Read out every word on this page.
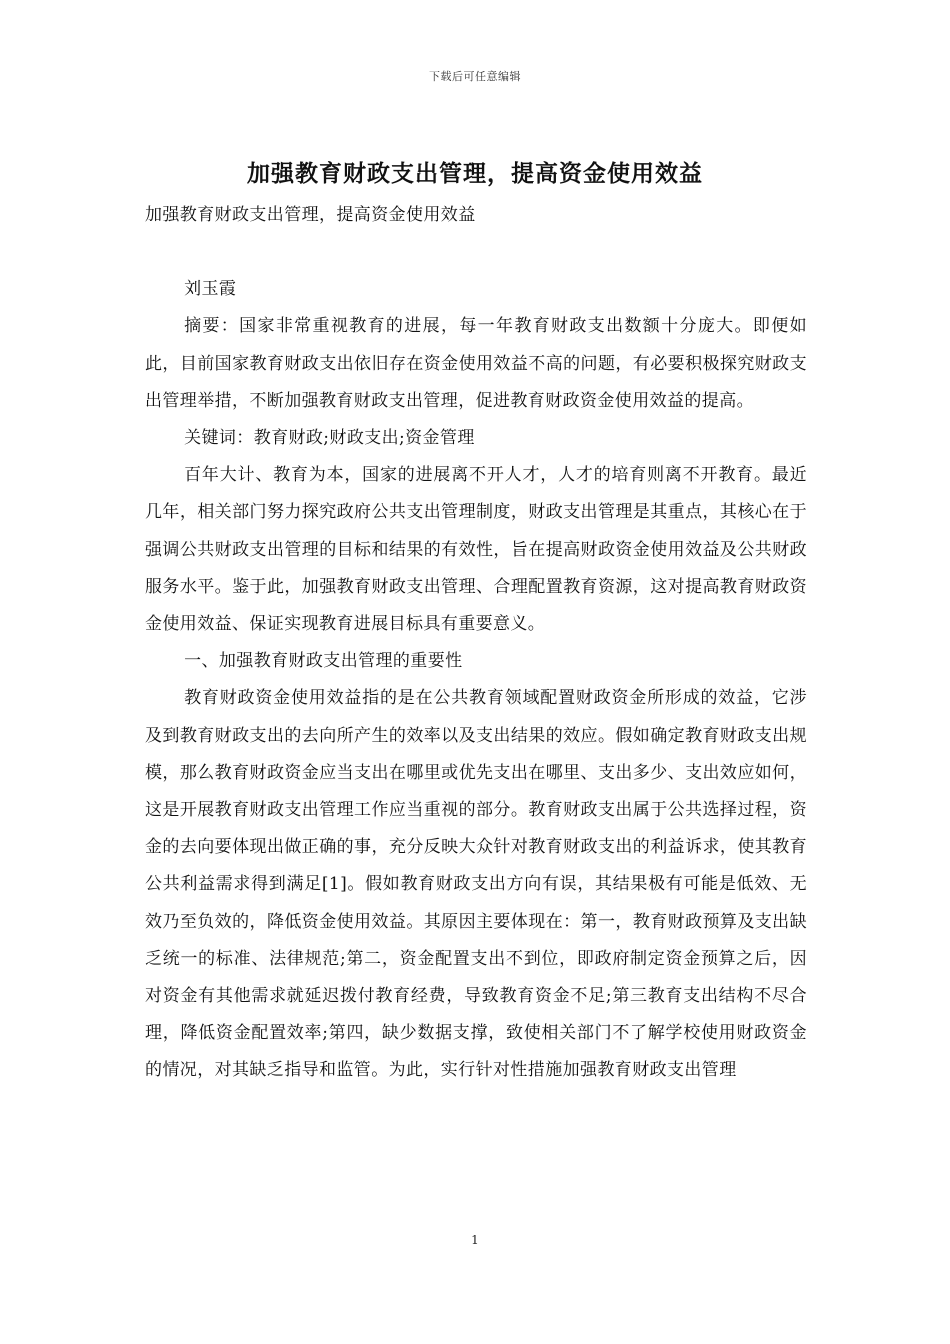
下载后可任意编辑
加强教育财政支出管理，提高资金使用效益

加强教育财政支出管理，提高资金使用效益

刘玉霞

摘要：国家非常重视教育的进展，每一年教育财政支出数额十分庞大。即便如此，目前国家教育财政支出依旧存在资金使用效益不高的问题，有必要积极探究财政支出管理举措，不断加强教育财政支出管理，促进教育财政资金使用效益的提高。

关键词：教育财政;财政支出;资金管理

百年大计、教育为本，国家的进展离不开人才，人才的培育则离不开教育。最近几年，相关部门努力探究政府公共支出管理制度，财政支出管理是其重点，其核心在于强调公共财政支出管理的目标和结果的有效性，旨在提高财政资金使用效益及公共财政服务水平。鉴于此，加强教育财政支出管理、合理配置教育资源，这对提高教育财政资金使用效益、保证实现教育进展目标具有重要意义。

一、加强教育财政支出管理的重要性

教育财政资金使用效益指的是在公共教育领域配置财政资金所形成的效益，它涉及到教育财政支出的去向所产生的效率以及支出结果的效应。假如确定教育财政支出规模，那么教育财政资金应当支出在哪里或优先支出在哪里、支出多少、支出效应如何，这是开展教育财政支出管理工作应当重视的部分。教育财政支出属于公共选择过程，资金的去向要体现出做正确的事，充分反映大众针对教育财政支出的利益诉求，使其教育公共利益需求得到满足[1]。假如教育财政支出方向有误，其结果极有可能是低效、无效乃至负效的，降低资金使用效益。其原因主要体现在：第一，教育财政预算及支出缺乏统一的标准、法律规范;第二，资金配置支出不到位，即政府制定资金预算之后，因对资金有其他需求就延迟拨付教育经费，导致教育资金不足;第三教育支出结构不尽合理，降低资金配置效率;第四，缺少数据支撑，致使相关部门不了解学校使用财政资金的情况，对其缺乏指导和监管。为此，实行针对性措施加强教育财政支出管理

1
